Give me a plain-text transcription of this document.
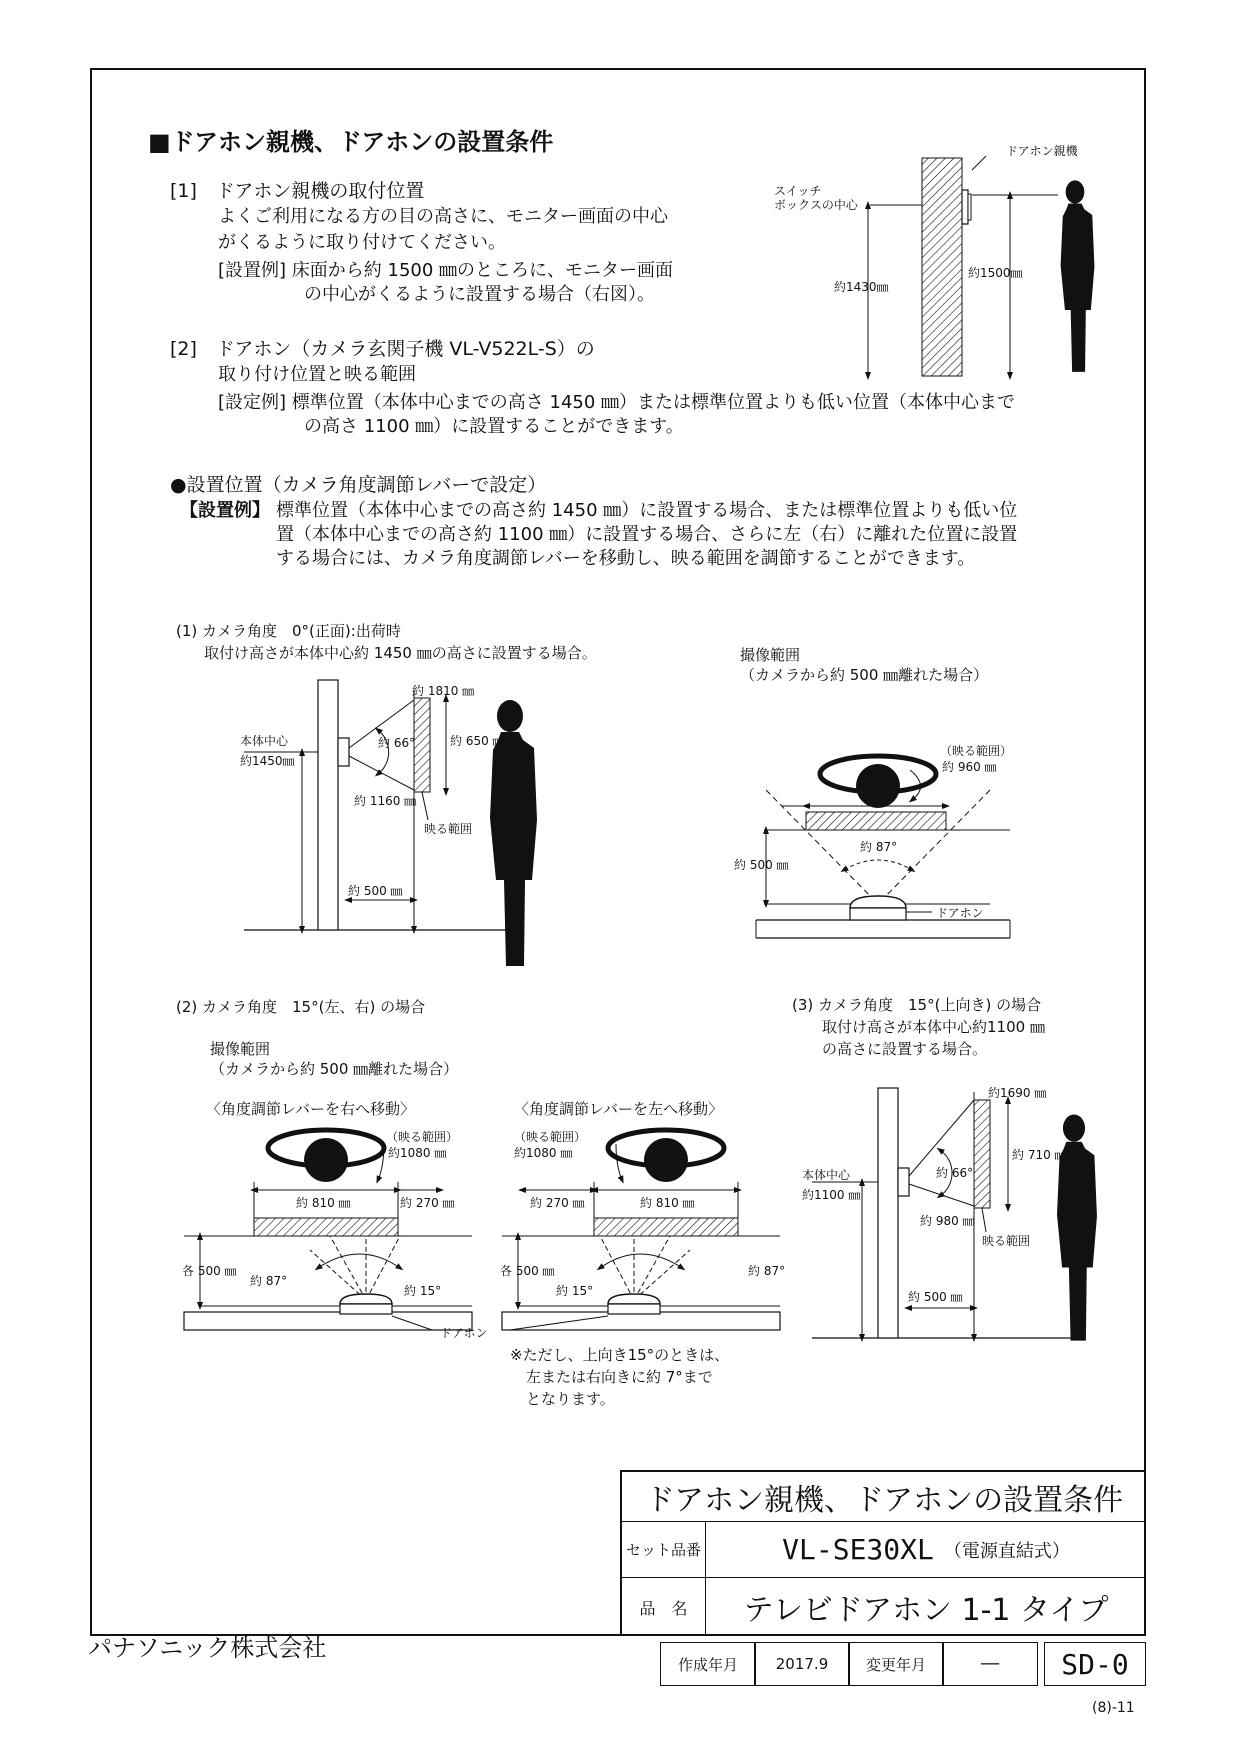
■ドアホン親機、ドアホンの設置条件
[1]　ドアホン親機の取付位置
よくご利用になる方の目の高さに、モニター画面の中心
がくるように取り付けてください。
[設置例] 床面から約 1500 ㎜のところに、モニター画面
の中心がくるように設置する場合（右図）。
[2]　ドアホン（カメラ玄関子機 VL-V522L-S）の
取り付け位置と映る範囲
[設定例] 標準位置（本体中心までの高さ 1450 ㎜）または標準位置よりも低い位置（本体中心まで
の高さ 1100 ㎜）に設置することができます。
●設置位置（カメラ角度調節レバーで設定）
【設置例】 標準位置（本体中心までの高さ約 1450 ㎜）に設置する場合、または標準位置よりも低い位
置（本体中心までの高さ約 1100 ㎜）に設置する場合、さらに左（右）に離れた位置に設置
する場合には、カメラ角度調節レバーを移動し、映る範囲を調節することができます。
ドアホン親機
スイッチ
ボックスの中心
約1430㎜
約1500㎜
(1) カメラ角度　0°(正面):出荷時
取付け高さが本体中心約 1450 ㎜の高さに設置する場合。
本体中心
約1450㎜
約 1810 ㎜
約 650 ㎜
約 66°
約 1160 ㎜
映る範囲
約 500 ㎜
撮像範囲
（カメラから約 500 ㎜離れた場合）
（映る範囲）
約 960 ㎜
約 87°
約 500 ㎜
ドアホン
(2) カメラ角度　15°(左、右) の場合
撮像範囲
（カメラから約 500 ㎜離れた場合）
〈角度調節レバーを右へ移動〉	〈角度調節レバーを左へ移動〉
（映る範囲）
約1080 ㎜
約 810 ㎜	約 270 ㎜
各 500 ㎜
約 87°
約 15°
ドアホン
（映る範囲）
約1080 ㎜
約 270 ㎜	約 810 ㎜
各 500 ㎜	約 87°
約 15°
※ただし、上向き15°のときは、
左または右向きに約 7°まで
となります。
(3) カメラ角度　15°(上向き) の場合
取付け高さが本体中心約1100 ㎜
の高さに設置する場合。
約1690 ㎜
約 710 ㎜
約 66°
本体中心
約1100 ㎜
約 980 ㎜
映る範囲
約 500 ㎜
ドアホン親機、ドアホンの設置条件
セット品番	VL-SE30XL （電源直結式）
品　名	テレビドアホン 1-1 タイプ
作成年月	2017.9	変更年月	──	SD-0
パナソニック株式会社
(8)-11
